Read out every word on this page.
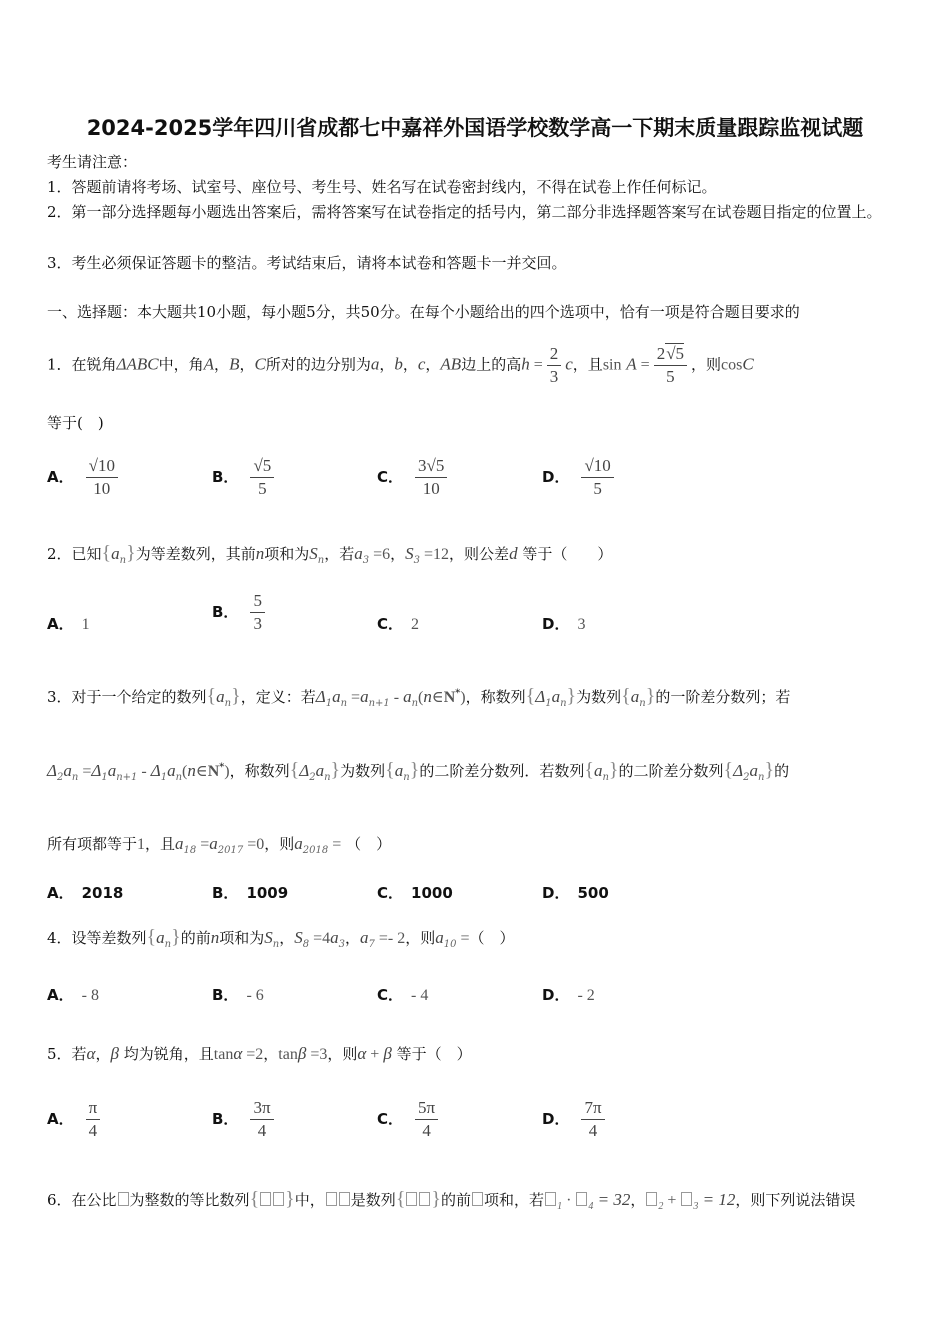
2024-2025学年四川省成都七中嘉祥外国语学校数学高一下期末质量跟踪监视试题
考生请注意：
1．答题前请将考场、试室号、座位号、考生号、姓名写在试卷密封线内，不得在试卷上作任何标记。
2．第一部分选择题每小题选出答案后，需将答案写在试卷指定的括号内，第二部分非选择题答案写在试卷题目指定的位置上。
3．考生必须保证答题卡的整洁。考试结束后，请将本试卷和答题卡一并交回。
一、选择题：本大题共10小题，每小题5分，共50分。在每个小题给出的四个选项中，恰有一项是符合题目要求的
1．在锐角ΔABC中，角A，B，C所对的边分别为a，b，c，AB边上的高$h = \frac{2}{3}$ c，且$\sin A = \frac{2√5}{5}$ ，则cosC
等于(　)
A． $\frac{√10}{10}$	B． $\frac{√5}{5}$	C． $\frac{3√5}{10}$	D． $\frac{√10}{5}$
2．已知$\{a_n\}$为等差数列，其前n项和为$S_n$，若$a_3 =6$，$S_3 =12$，则公差d 等于（　　）
A． 1
B． $\frac{5}{3}$	C． 2	D． 3
3．对于一个给定的数列$\{a_n\}$，定义：若$\Delta_1a_n =a_{n+1}$ - $a_n(n\in N^*)$，称数列$\{\Delta_1a_n\}$为数列$\{a_n\}$的一阶差分数列；若
$\Delta_2a_n =\Delta_1a_{n+1}$ - $\Delta_1a_n(n\in N^*)$，称数列$\{\Delta_2a_n\}$为数列$\{a_n\}$的二阶差分数列．若数列$\{a_n\}$的二阶差分数列$\{\Delta_2a_n\}$的
所有项都等于1，且$a_{18} =a_{2017} =0$，则$a_{2018}$ = （　）
A． 2018	B． 1009	C． 1000	D． 500
4．设等差数列$\{a_n\}$的前n项和为$S_n$，$S_8 =4a_3$，$a_7 =- 2$，则$a_{10}$ =（　）
A． - 8	B． - 6	C． - 4	D． - 2
5．若α，β 均为锐角，且tanα =2，tanβ =3，则α + β 等于（　）
A． $\frac{\pi}{4}$	B． $\frac{3\pi}{4}$	C． $\frac{5\pi}{4}$	D． $\frac{7\pi}{4}$
6．在公比 为整数的等比数列{ }中， 是数列{ }的前 项和，若 $_1$ · $_4$ = 32， $_2$ + $_3$ = 12，则下列说法错误
